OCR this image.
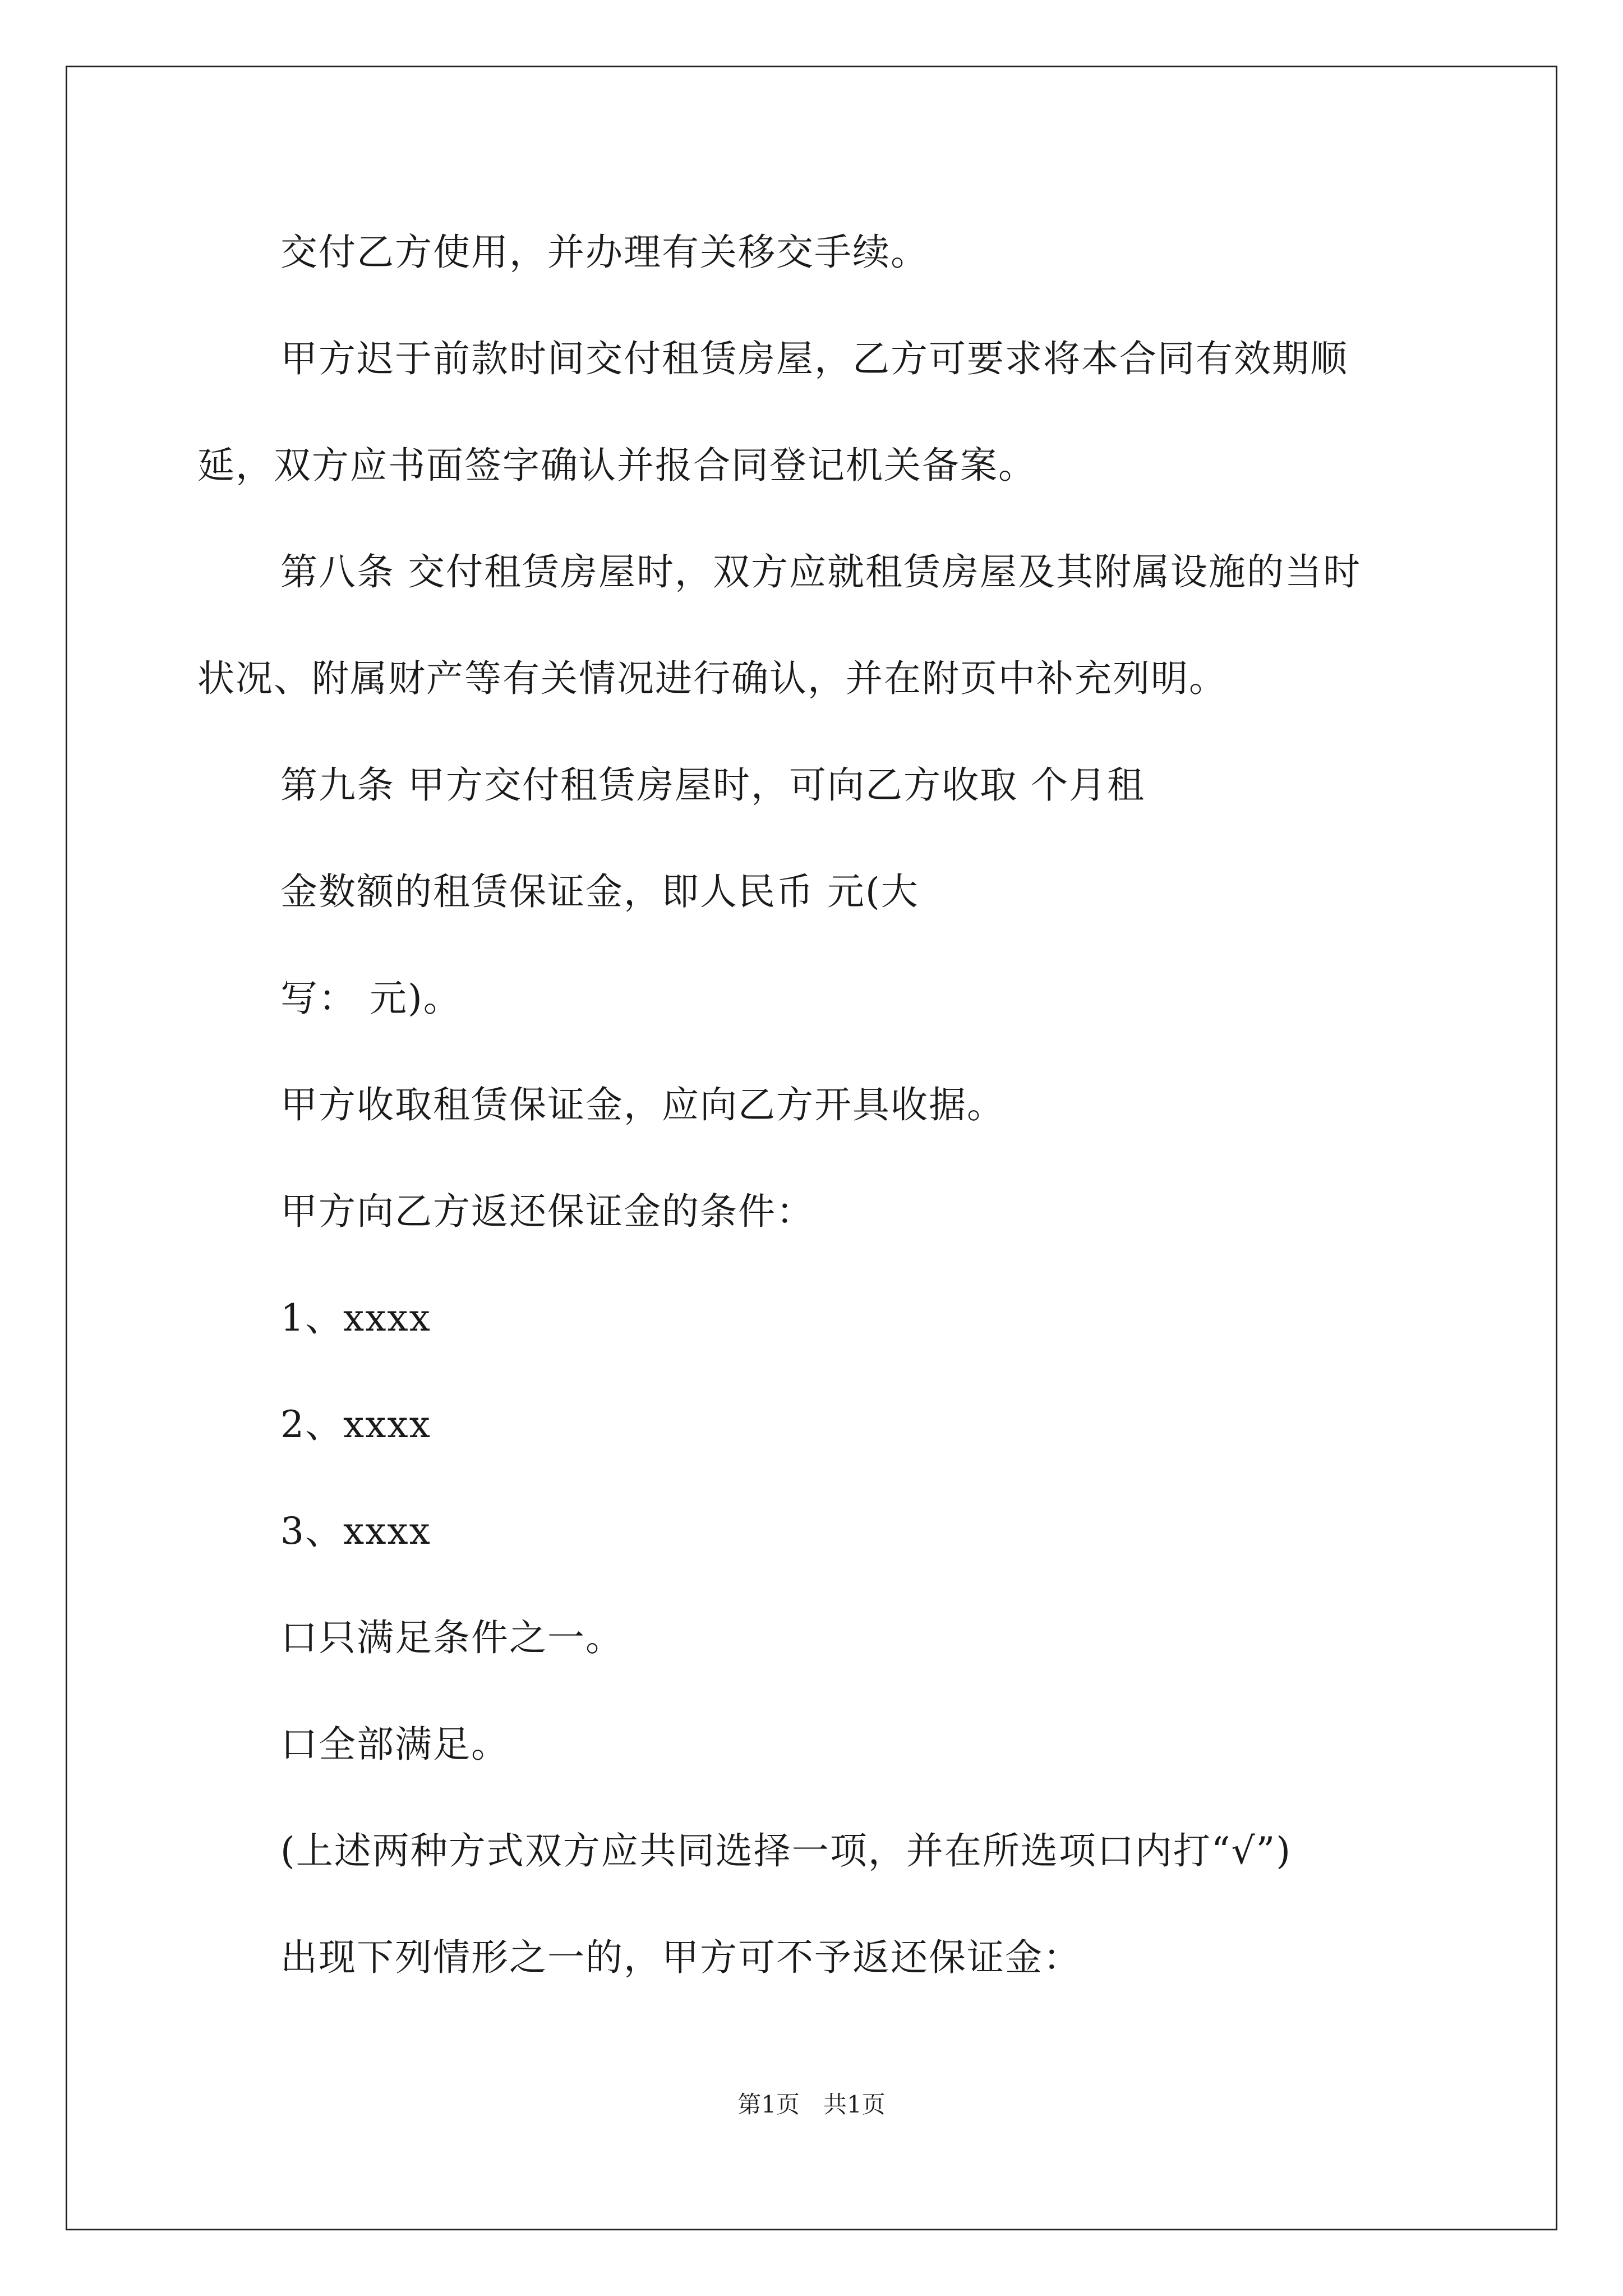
交付乙方使用，并办理有关移交手续。
甲方迟于前款时间交付租赁房屋，乙方可要求将本合同有效期顺
延，双方应书面签字确认并报合同登记机关备案。
第八条 交付租赁房屋时，双方应就租赁房屋及其附属设施的当时
状况、附属财产等有关情况进行确认，并在附页中补充列明。
第九条 甲方交付租赁房屋时，可向乙方收取 个月租
金数额的租赁保证金，即人民币 元(大
写： 元)。
甲方收取租赁保证金，应向乙方开具收据。
甲方向乙方返还保证金的条件：
1、xxxx
2、xxxx
3、xxxx
口只满足条件之一。
口全部满足。
(上述两种方式双方应共同选择一项，并在所选项口内打“√”)
出现下列情形之一的，甲方可不予返还保证金：
第1页　共1页
